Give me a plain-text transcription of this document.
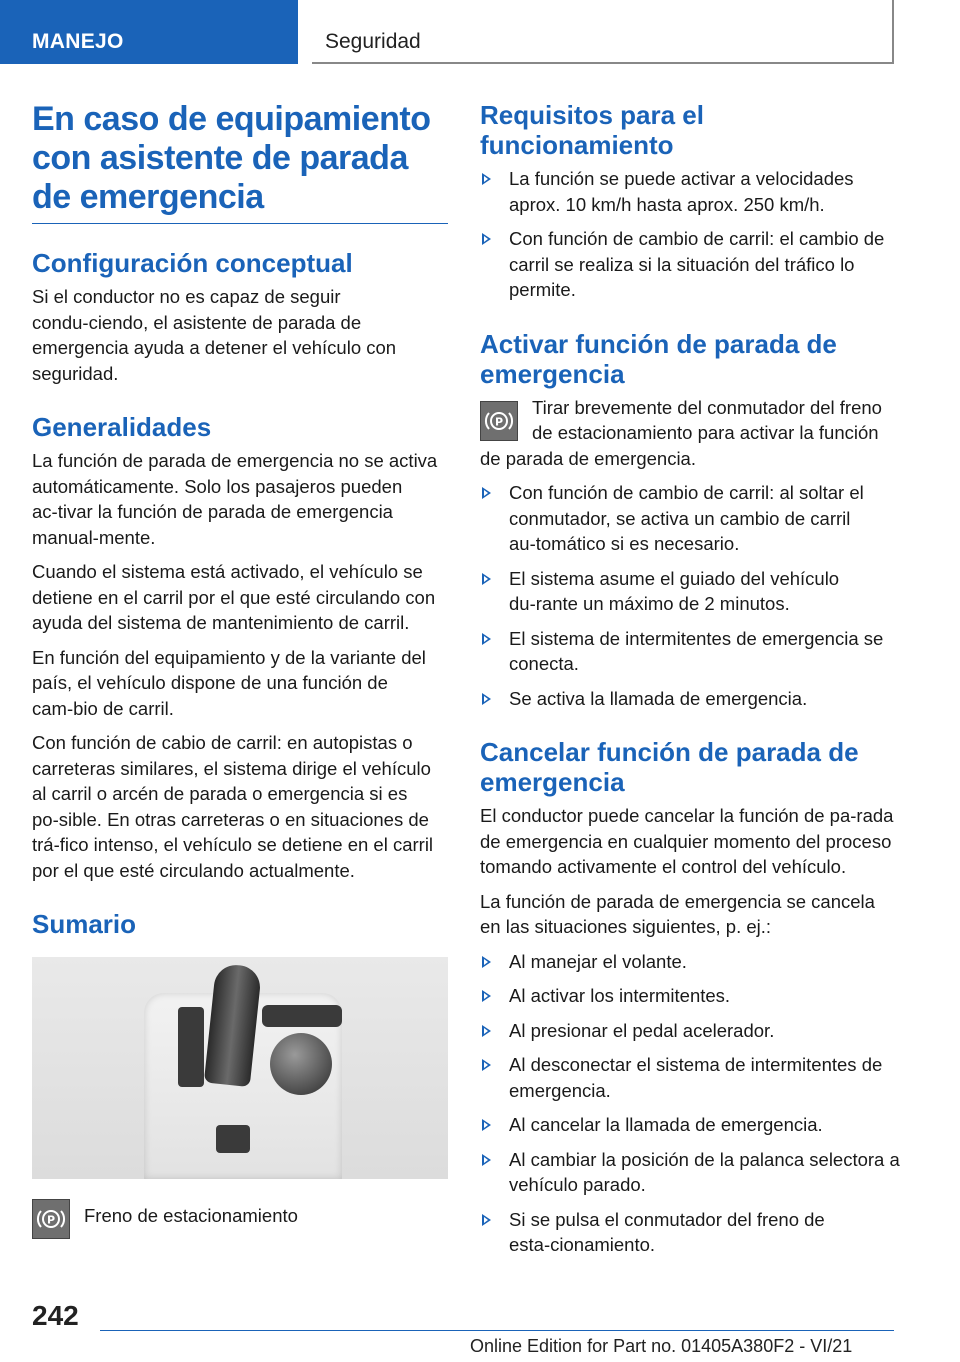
MANEJO	Seguridad
En caso de equipamiento con asistente de parada de emergencia
Configuración conceptual

Si el conductor no es capaz de seguir condu‑ciendo, el asistente de parada de emergencia ayuda a detener el vehículo con seguridad.

Generalidades

La función de parada de emergencia no se activa automáticamente. Solo los pasajeros pueden ac‑tivar la función de parada de emergencia manual‑mente.

Cuando el sistema está activado, el vehículo se detiene en el carril por el que esté circulando con ayuda del sistema de mantenimiento de carril.

En función del equipamiento y de la variante del país, el vehículo dispone de una función de cam‑bio de carril.

Con función de cabio de carril: en autopistas o carreteras similares, el sistema dirige el vehículo al carril o arcén de parada o emergencia si es po‑sible. En otras carreteras o en situaciones de trá‑fico intenso, el vehículo se detiene en el carril por el que esté circulando actualmente.

Sumario
P Freno de estacionamiento
Requisitos para el funcionamiento
La función se puede activar a velocidades aprox. 10 km/h hasta aprox. 250 km/h.
Con función de cambio de carril: el cambio de carril se realiza si la situación del tráfico lo permite.
Activar función de parada de emergencia

P
Tirar brevemente del conmutador del freno de estacionamiento para activar la función de parada de emergencia.

Con función de cambio de carril: al soltar el conmutador, se activa un cambio de carril au‑tomático si es necesario.
El sistema asume el guiado del vehículo du‑rante un máximo de 2 minutos.
El sistema de intermitentes de emergencia se conecta.
Se activa la llamada de emergencia.
Cancelar función de parada de emergencia

El conductor puede cancelar la función de pa‑rada de emergencia en cualquier momento del proceso tomando activamente el control del vehículo.

La función de parada de emergencia se cancela en las situaciones siguientes, p. ej.:

Al manejar el volante.
Al activar los intermitentes.
Al presionar el pedal acelerador.
Al desconectar el sistema de intermitentes de emergencia.
Al cancelar la llamada de emergencia.
Al cambiar la posición de la palanca selectora a vehículo parado.
Si se pulsa el conmutador del freno de esta‑cionamiento.
242
Online Edition for Part no. 01405A380F2 - VI/21
